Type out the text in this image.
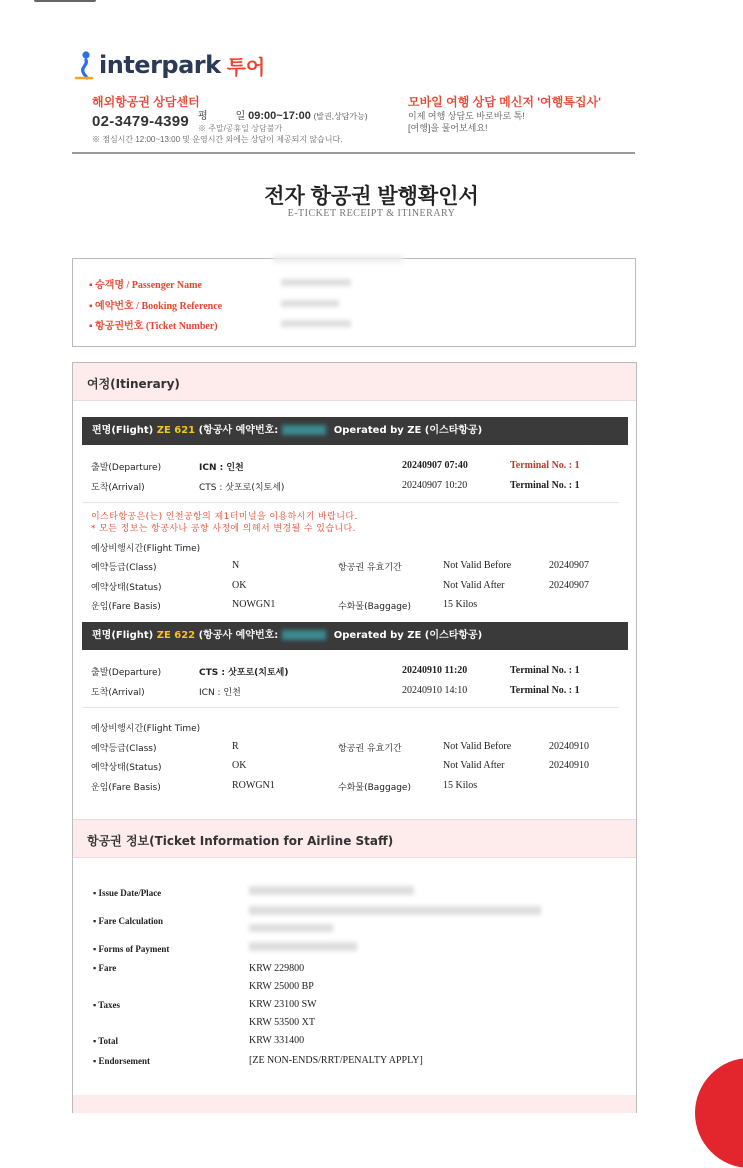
interpark 투어
해외항공권 상담센터
02-3479-4399 평	일 09:00~17:00 (발권,상담가능)
※ 주말/공휴일 상담불가
※ 점심시간 12:00~13:00 및 운영시간 외에는 상담이 제공되지 않습니다.
모바일 여행 상담 메신저 '여행톡집사'
이제 여행 상담도 바로바로 톡!
[여행]을 물어보세요!
전자 항공권 발행확인서
E-TICKET RECEIPT & ITINERARY
▪ 승객명 / Passenger Name
▪ 예약번호 / Booking Reference
▪ 항공권번호 (Ticket Number)
여정(Itinerary)
편명(Flight) ZE 621 (항공사 예약번호:	Operated by ZE (이스타항공)
출발(Departure)	ICN : 인천	20240907 07:40	Terminal No. : 1
도착(Arrival)	CTS : 삿포로(치토세)	20240907 10:20	Terminal No. : 1
이스타항공은(는) 인천공항의 제1터미널을 이용하시기 바랍니다.
* 모든 정보는 항공사나 공항 사정에 의해서 변경될 수 있습니다.
예상비행시간(Flight Time)
예약등급(Class)	N	항공권 유효기간	Not Valid Before	20240907
예약상태(Status)	OK	Not Valid After	20240907
운임(Fare Basis)	NOWGN1	수화물(Baggage)	15 Kilos
편명(Flight) ZE 622 (항공사 예약번호:	Operated by ZE (이스타항공)
출발(Departure)	CTS : 삿포로(치토세)	20240910 11:20	Terminal No. : 1
도착(Arrival)	ICN : 인천	20240910 14:10	Terminal No. : 1
예상비행시간(Flight Time)
예약등급(Class)	R	항공권 유효기간	Not Valid Before	20240910
예약상태(Status)	OK	Not Valid After	20240910
운임(Fare Basis)	ROWGN1	수화물(Baggage)	15 Kilos
항공권 정보(Ticket Information for Airline Staff)
▪ Issue Date/Place
▪ Fare Calculation
▪ Forms of Payment
▪ Fare	KRW 229800
KRW 25000 BP
▪ Taxes	KRW 23100 SW
KRW 53500 XT
▪ Total	KRW 331400
▪ Endorsement	[ZE NON-ENDS/RRT/PENALTY APPLY]
